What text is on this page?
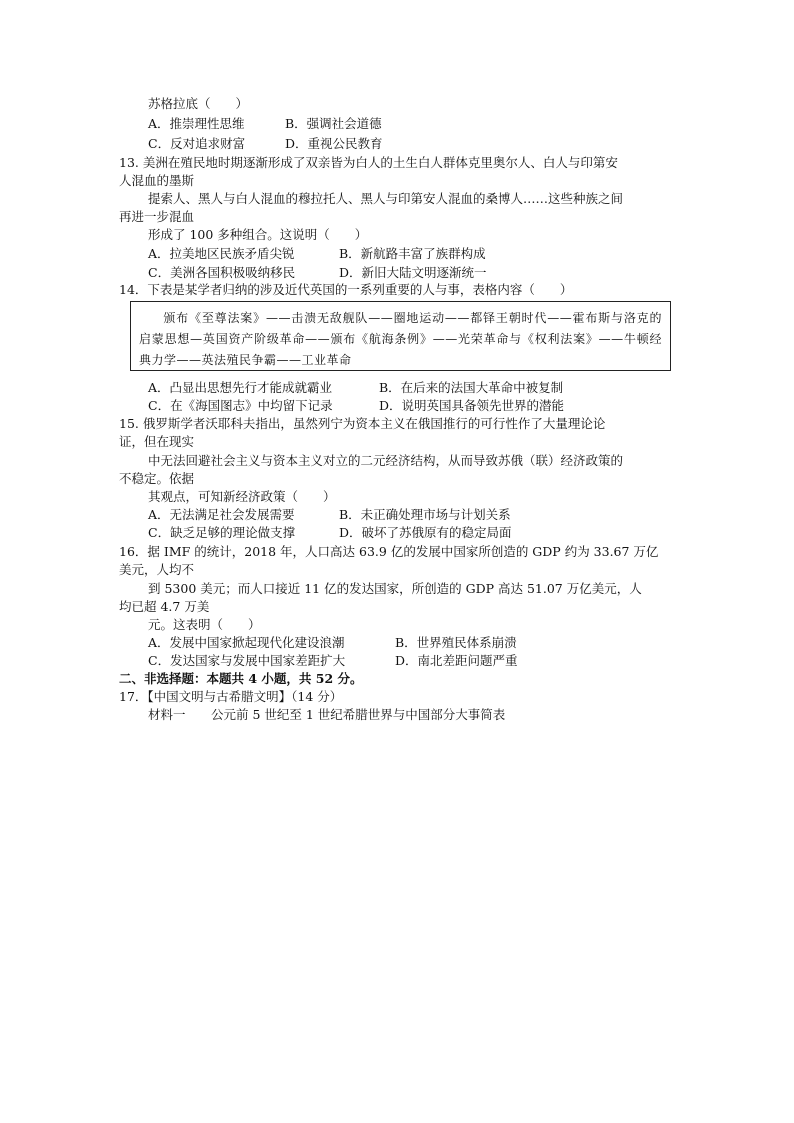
苏格拉底（　　）
A．推崇理性思维	B．强调社会道德
C．反对追求财富	D．重视公民教育
13. 美洲在殖民地时期逐渐形成了双亲皆为白人的土生白人群体克里奥尔人、白人与印第安
人混血的墨斯
提索人、黑人与白人混血的穆拉托人、黑人与印第安人混血的桑博人……这些种族之间
再进一步混血
形成了 100 多种组合。这说明（　　）
A．拉美地区民族矛盾尖锐	B．新航路丰富了族群构成
C．美洲各国积极吸纳移民	D．新旧大陆文明逐渐统一
14．下表是某学者归纳的涉及近代英国的一系列重要的人与事，表格内容（　　）
颁布《至尊法案》——击溃无敌舰队——圈地运动——都铎王朝时代——霍布斯与洛克的启蒙思想—英国资产阶级革命——颁布《航海条例》——光荣革命与《权利法案》——牛顿经典力学——英法殖民争霸——工业革命
A．凸显出思想先行才能成就霸业	B．在后来的法国大革命中被复制
C．在《海国图志》中均留下记录	D．说明英国具备领先世界的潜能
15. 俄罗斯学者沃耶科夫指出，虽然列宁为资本主义在俄国推行的可行性作了大量理论论
证，但在现实
中无法回避社会主义与资本主义对立的二元经济结构，从而导致苏俄（联）经济政策的
不稳定。依据
其观点，可知新经济政策（　　）
A．无法满足社会发展需要	B．未正确处理市场与计划关系
C．缺乏足够的理论做支撑	D．破坏了苏俄原有的稳定局面
16．据 IMF 的统计，2018 年，人口高达 63.9 亿的发展中国家所创造的 GDP 约为 33.67 万亿
美元，人均不
到 5300 美元；而人口接近 11 亿的发达国家，所创造的 GDP 高达 51.07 万亿美元，人
均已超 4.7 万美
元。这表明（　　）
A．发展中国家掀起现代化建设浪潮	B．世界殖民体系崩溃
C．发达国家与发展中国家差距扩大	D．南北差距问题严重
二、非选择题：本题共 4 小题，共 52 分。
17．【中国文明与古希腊文明】（14 分）
材料一 公元前 5 世纪至 1 世纪希腊世界与中国部分大事简表
